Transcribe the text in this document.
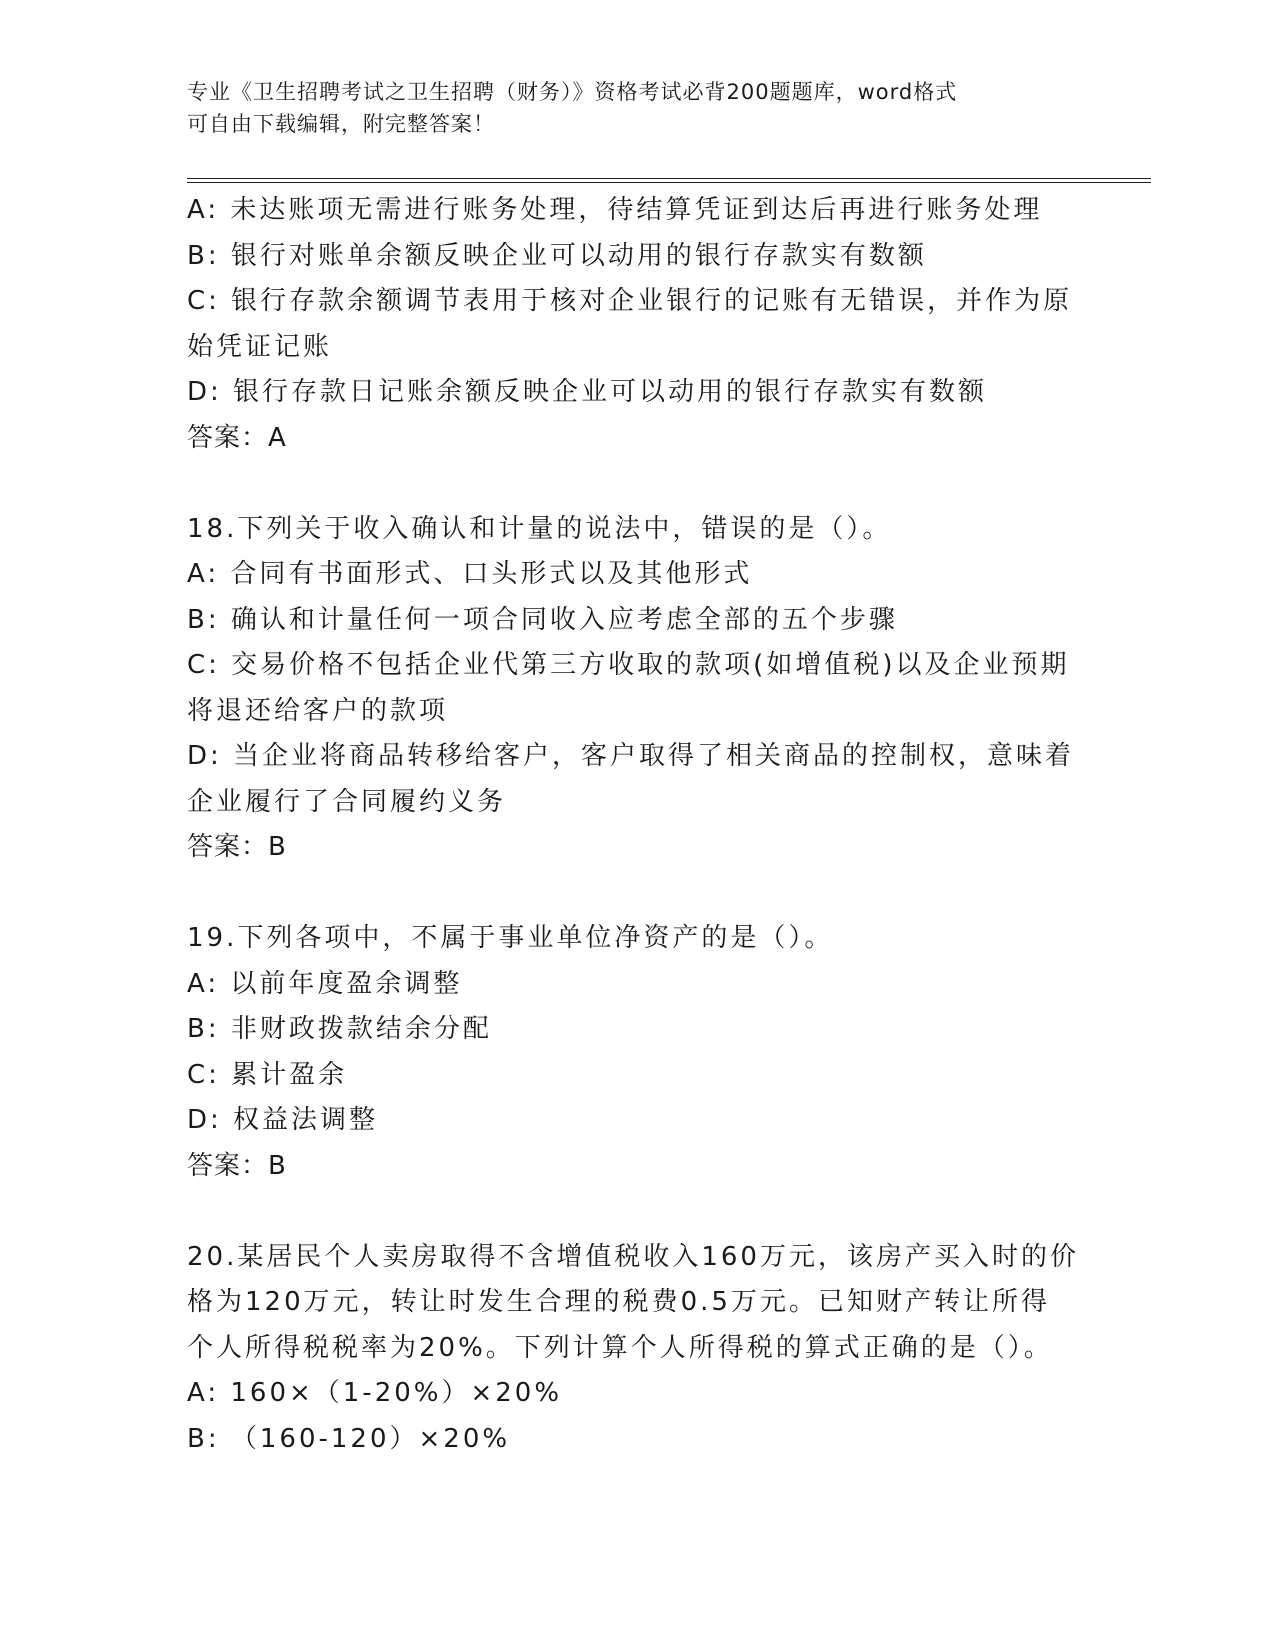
专业《卫生招聘考试之卫生招聘（财务）》资格考试必背200题题库，word格式
可自由下载编辑，附完整答案！
A: 未达账项无需进行账务处理，待结算凭证到达后再进行账务处理
B: 银行对账单余额反映企业可以动用的银行存款实有数额
C: 银行存款余额调节表用于核对企业银行的记账有无错误，并作为原
始凭证记账
D: 银行存款日记账余额反映企业可以动用的银行存款实有数额
答案：A
18.下列关于收入确认和计量的说法中，错误的是（）。
A: 合同有书面形式、口头形式以及其他形式
B: 确认和计量任何一项合同收入应考虑全部的五个步骤
C: 交易价格不包括企业代第三方收取的款项(如增值税)以及企业预期
将退还给客户的款项
D: 当企业将商品转移给客户，客户取得了相关商品的控制权，意味着
企业履行了合同履约义务
答案：B
19.下列各项中，不属于事业单位净资产的是（）。
A: 以前年度盈余调整
B: 非财政拨款结余分配
C: 累计盈余
D: 权益法调整
答案：B
20.某居民个人卖房取得不含增值税收入160万元，该房产买入时的价
格为120万元，转让时发生合理的税费0.5万元。已知财产转让所得
个人所得税税率为20%。下列计算个人所得税的算式正确的是（）。
A: 160×（1-20%）×20%
B: （160-120）×20%
